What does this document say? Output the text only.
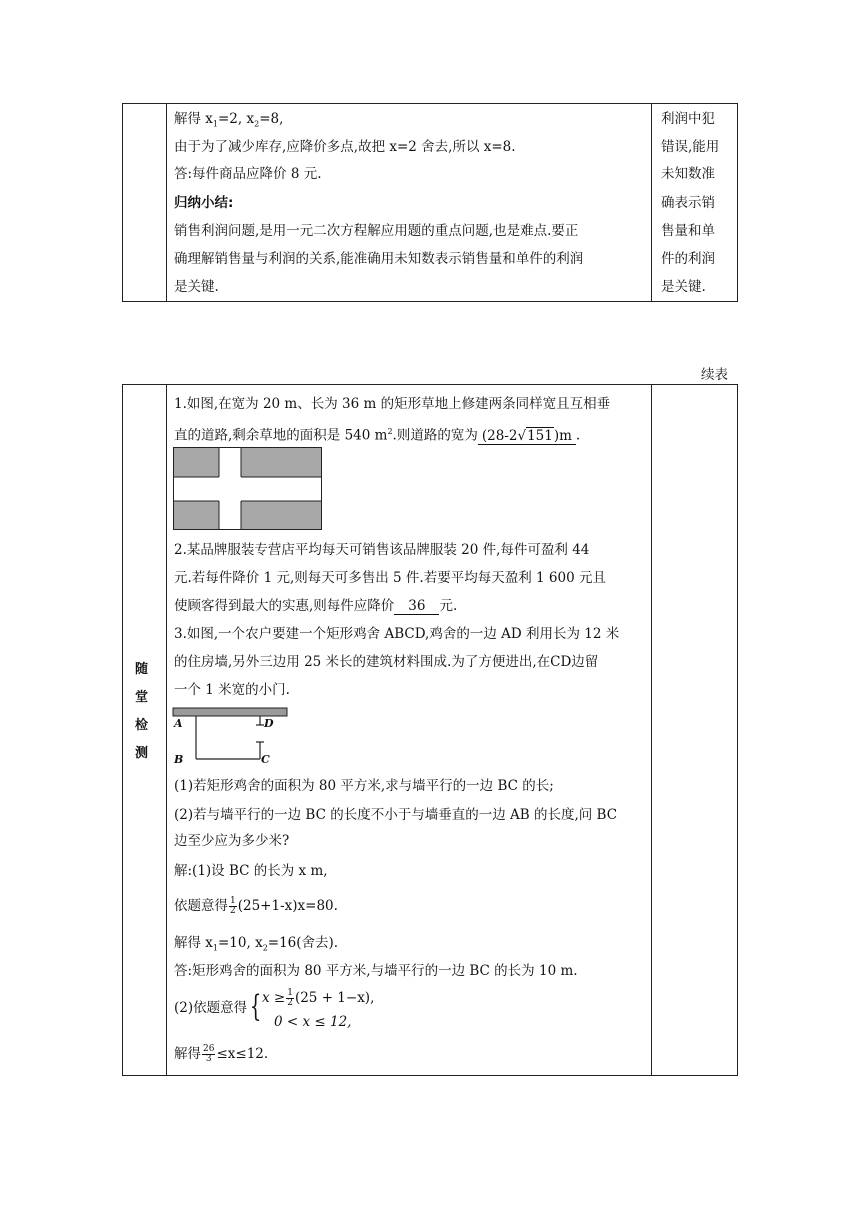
解得 $x_1=2$, $x_2=8$,
由于为了减少库存,应降价多点,故把 x=2 舍去,所以 x=8.
答:每件商品应降价 8 元.
归纳小结:
销售利润问题,是用一元二次方程解应用题的重点问题,也是难点.要正
确理解销售量与利润的关系,能准确用未知数表示销售量和单件的利润
是关键.
利润中犯
错误,能用
未知数准
确表示销
售量和单
件的利润
是关键.
续表
随
堂
检
测
1.如图,在宽为 20 m、长为 36 m 的矩形草地上修建两条同样宽且互相垂
直的道路,剩余草地的面积是 540 $m^2$.则道路的宽为 (28-2√151)m .
2.某品牌服装专营店平均每天可销售该品牌服装 20 件,每件可盈利 44
元.若每件降价 1 元,则每天可多售出 5 件.若要平均每天盈利 1 600 元且
使顾客得到最大的实惠,则每件应降价 36 元.
3.如图,一个农户要建一个矩形鸡舍 ABCD,鸡舍的一边 AD 利用长为 12 米
的住房墙,另外三边用 25 米长的建筑材料围成.为了方便进出,在CD边留
一个 1 米宽的小门.
A
B	C
D
(1)若矩形鸡舍的面积为 80 平方米,求与墙平行的一边 BC 的长;
(2)若与墙平行的一边 BC 的长度不小于与墙垂直的一边 AB 的长度,问 BC
边至少应为多少米?
解:(1)设 BC 的长为 x m,
依题意得 $\frac{1}{2} (25+1-x)x=80$.
解得 $x_1=10$, $x_2=16$(舍去).
答:矩形鸡舍的面积为 80 平方米,与墙平行的一边 BC 的长为 10 m.
(2)依题意得 { $x \ge \frac{1}{2} (25 + 1-x)$,
0 < x ≤ 12,
解得 $\frac{26}{3} \le x\le 12$.
